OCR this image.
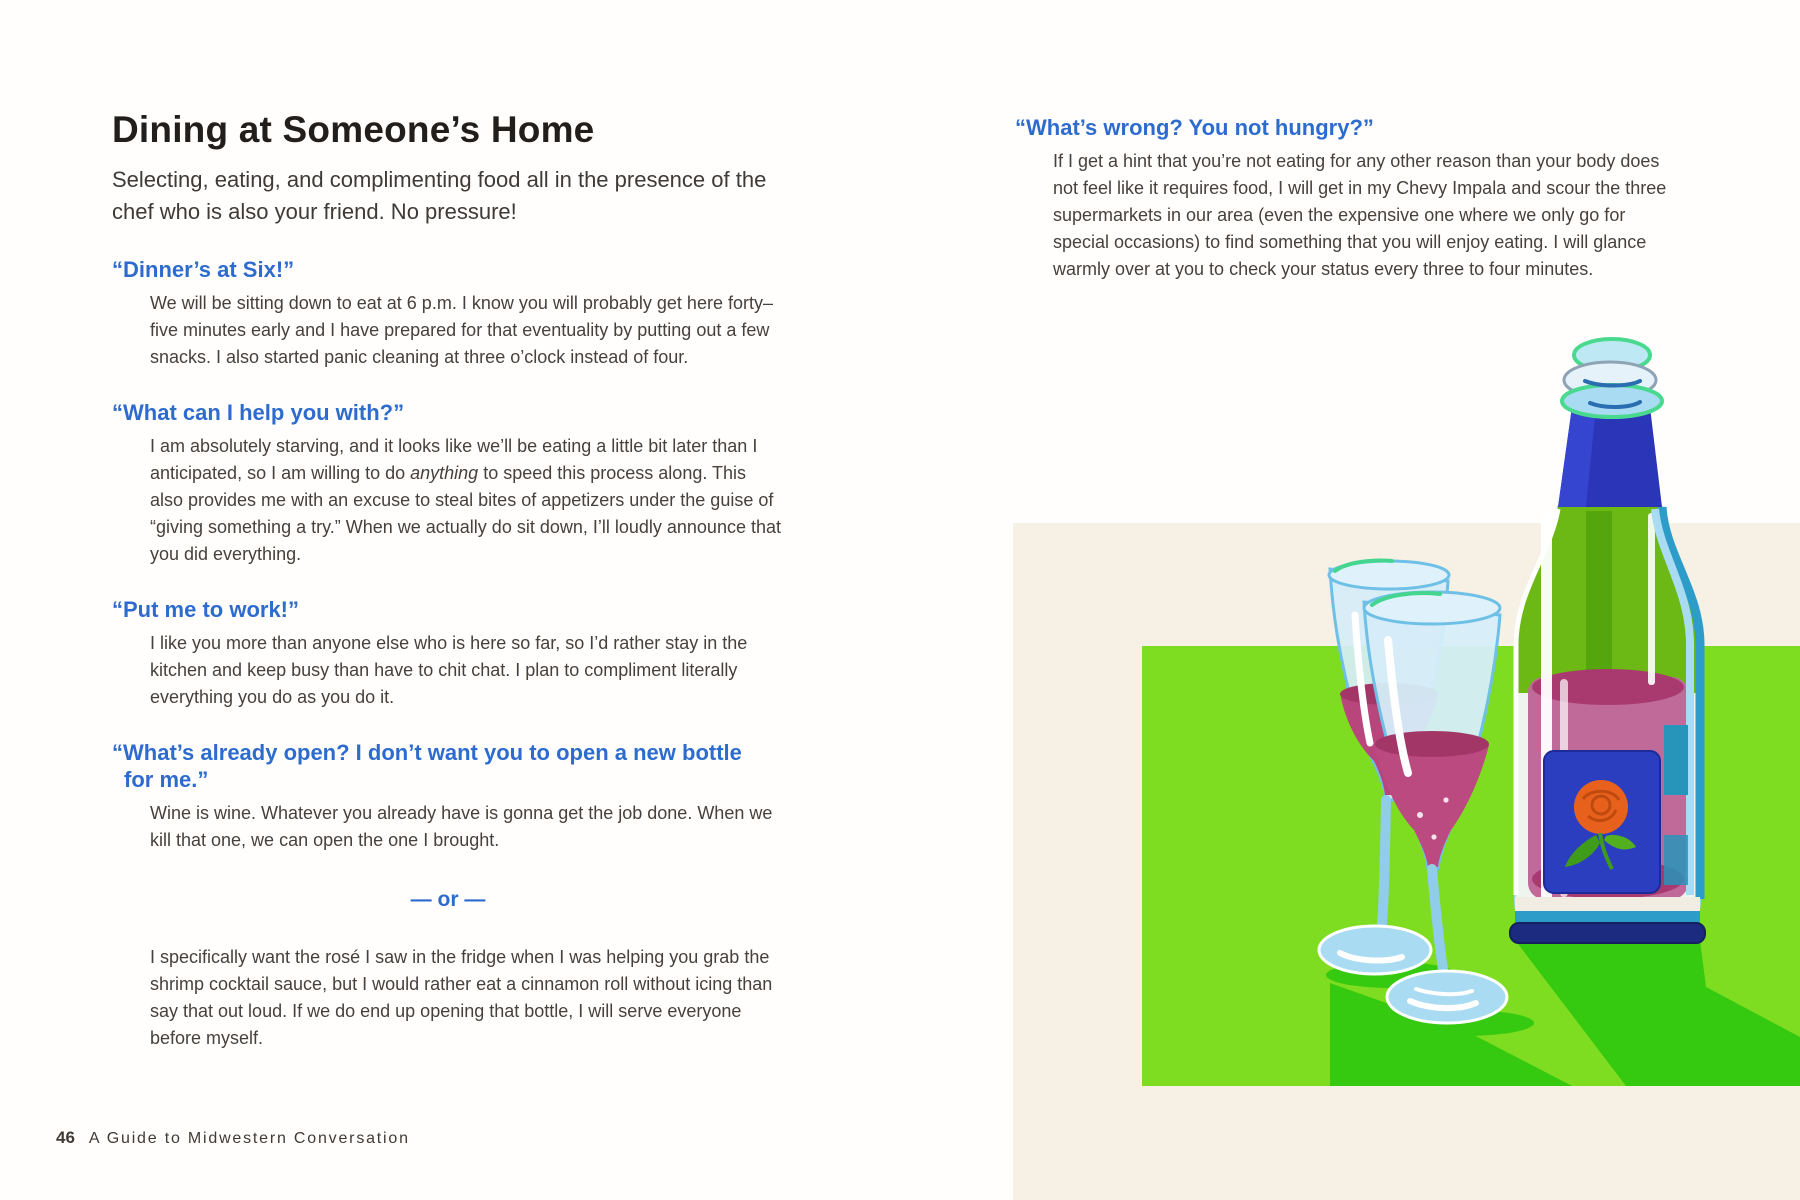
Dining at Someone’s Home
Selecting, eating, and complimenting food all in the presence of the chef who is also your friend. No pressure!
“Dinner’s at Six!”
We will be sitting down to eat at 6 p.m. I know you will probably get here forty–five minutes early and I have prepared for that eventuality by putting out a few snacks. I also started panic cleaning at three o’clock instead of four.
“What can I help you with?”
I am absolutely starving, and it looks like we’ll be eating a little bit later than I anticipated, so I am willing to do anything to speed this process along. This also provides me with an excuse to steal bites of appetizers under the guise of “giving something a try.” When we actually do sit down, I’ll loudly announce that you did everything.
“Put me to work!”
I like you more than anyone else who is here so far, so I’d rather stay in the kitchen and keep busy than have to chit chat. I plan to compliment literally everything you do as you do it.
“What’s already open? I don’t want you to open a new bottle for me.”
Wine is wine. Whatever you already have is gonna get the job done. When we kill that one, we can open the one I brought.
— or —
I specifically want the rosé I saw in the fridge when I was helping you grab the shrimp cocktail sauce, but I would rather eat a cinnamon roll without icing than say that out loud. If we do end up opening that bottle, I will serve everyone before myself.
“What’s wrong? You not hungry?”
If I get a hint that you’re not eating for any other reason than your body does not feel like it requires food, I will get in my Chevy Impala and scour the three supermarkets in our area (even the expensive one where we only go for special occasions) to find something that you will enjoy eating. I will glance warmly over at you to check your status every three to four minutes.
46 A Guide to Midwestern Conversation
